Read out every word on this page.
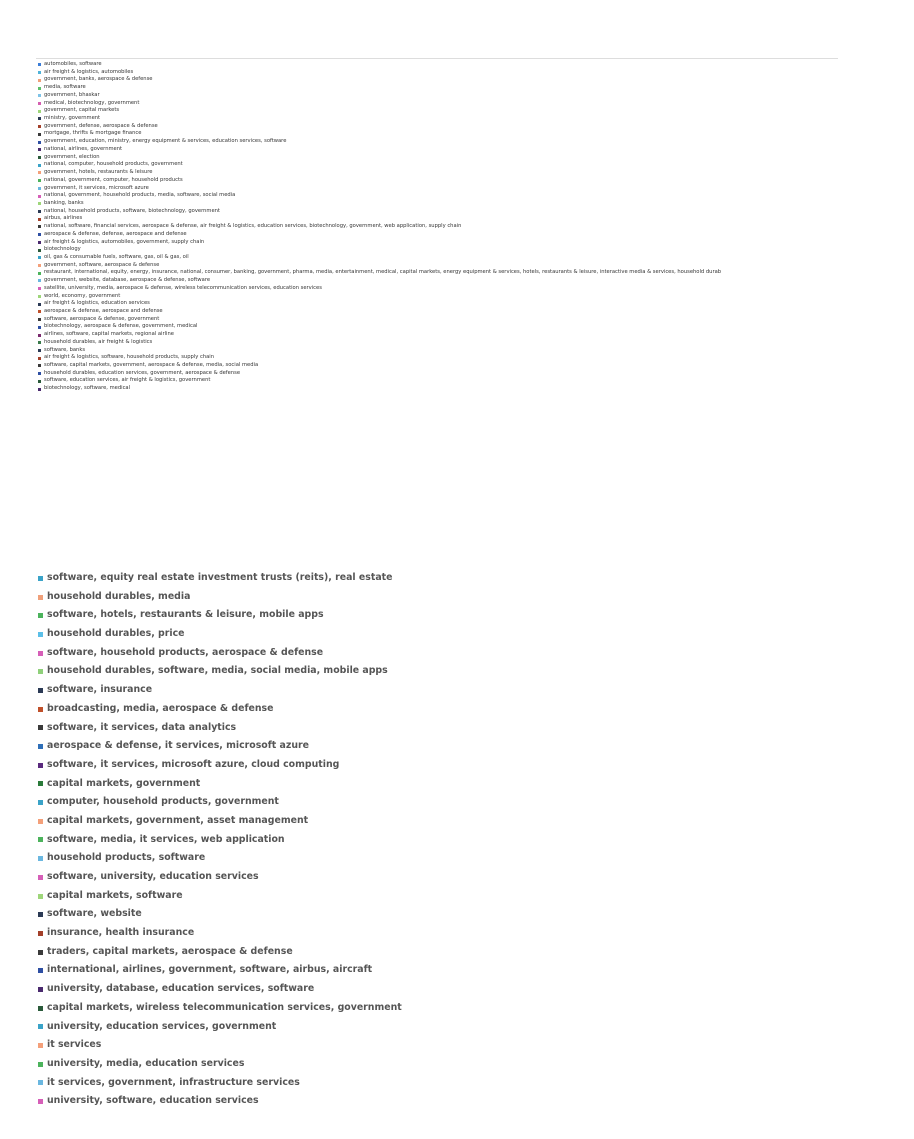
automobiles, software
air freight & logistics, automobiles
government, banks, aerospace & defense
media, software
government, bhaskar
medical, biotechnology, government
government, capital markets
ministry, government
government, defense, aerospace & defense
mortgage, thrifts & mortgage finance
government, education, ministry, energy equipment & services, education services, software
national, airlines, government
government, election
national, computer, household products, government
government, hotels, restaurants & leisure
national, government, computer, household products
government, it services, microsoft azure
national, government, household products, media, software, social media
banking, banks
national, household products, software, biotechnology, government
airbus, airlines
national, software, financial services, aerospace & defense, air freight & logistics, education services, biotechnology, government, web application, supply chain
aerospace & defense, defense, aerospace and defense
air freight & logistics, automobiles, government, supply chain
biotechnology
oil, gas & consumable fuels, software, gas, oil & gas, oil
government, software, aerospace & defense
restaurant, international, equity, energy, insurance, national, consumer, banking, government, pharma, media, entertainment, medical, capital markets, energy equipment & services, hotels, restaurants & leisure, interactive media & services, household durab
government, website, database, aerospace & defense, software
satellite, university, media, aerospace & defense, wireless telecommunication services, education services
world, economy, government
air freight & logistics, education services
aerospace & defense, aerospace and defense
software, aerospace & defense, government
biotechnology, aerospace & defense, government, medical
airlines, software, capital markets, regional airline
household durables, air freight & logistics
software, banks
air freight & logistics, software, household products, supply chain
software, capital markets, government, aerospace & defense, media, social media
household durables, education services, government, aerospace & defense
software, education services, air freight & logistics, government
biotechnology, software, medical
software, equity real estate investment trusts (reits), real estate
household durables, media
software, hotels, restaurants & leisure, mobile apps
household durables, price
software, household products, aerospace & defense
household durables, software, media, social media, mobile apps
software, insurance
broadcasting, media, aerospace & defense
software, it services, data analytics
aerospace & defense, it services, microsoft azure
software, it services, microsoft azure, cloud computing
capital markets, government
computer, household products, government
capital markets, government, asset management
software, media, it services, web application
household products, software
software, university, education services
capital markets, software
software, website
insurance, health insurance
traders, capital markets, aerospace & defense
international, airlines, government, software, airbus, aircraft
university, database, education services, software
capital markets, wireless telecommunication services, government
university, education services, government
it services
university, media, education services
it services, government, infrastructure services
university, software, education services
